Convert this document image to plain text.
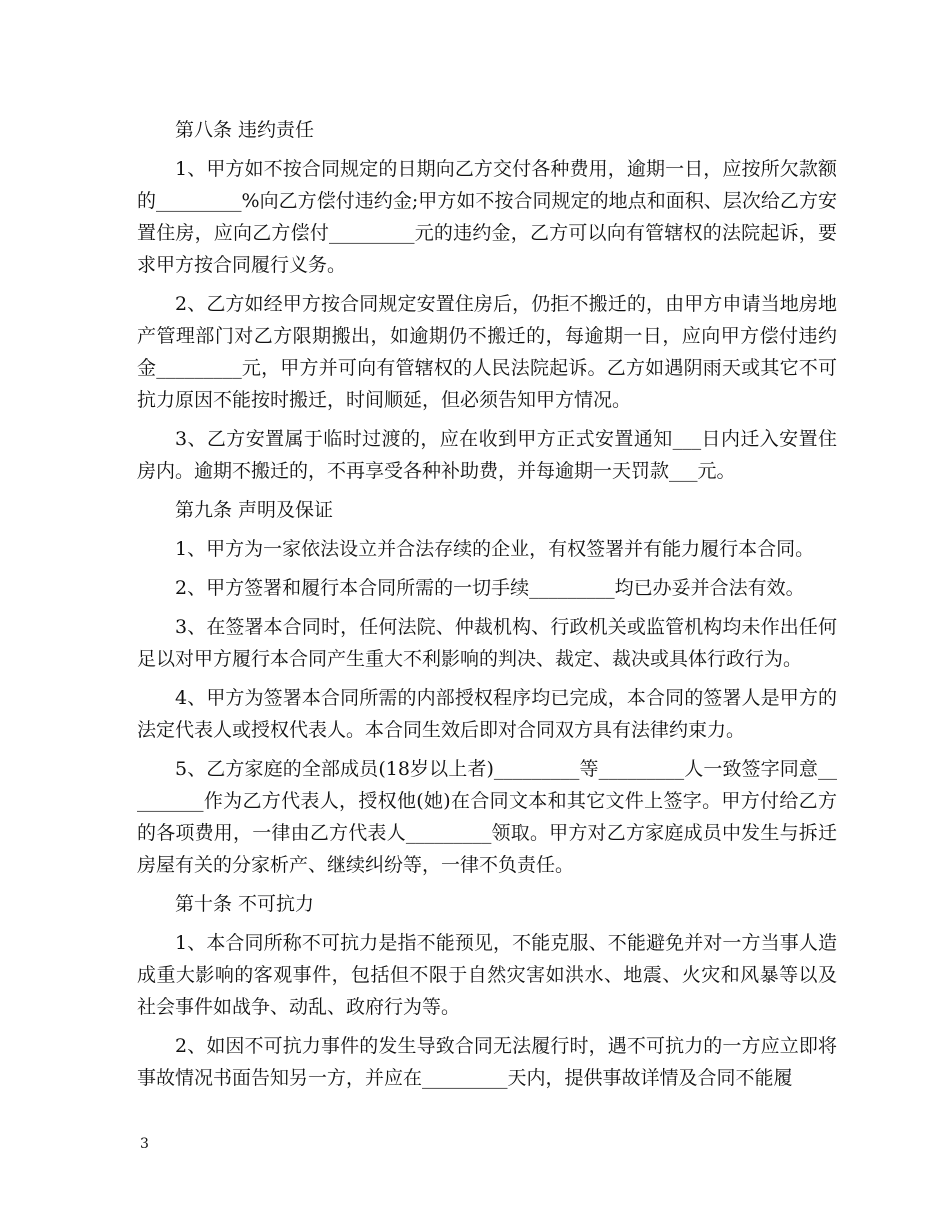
第八条 违约责任

1、甲方如不按合同规定的日期向乙方交付各种费用，逾期一日，应按所欠款额的_________%向乙方偿付违约金;甲方如不按合同规定的地点和面积、层次给乙方安置住房，应向乙方偿付_________元的违约金，乙方可以向有管辖权的法院起诉，要求甲方按合同履行义务。

2、乙方如经甲方按合同规定安置住房后，仍拒不搬迁的，由甲方申请当地房地产管理部门对乙方限期搬出，如逾期仍不搬迁的，每逾期一日，应向甲方偿付违约金_________元，甲方并可向有管辖权的人民法院起诉。乙方如遇阴雨天或其它不可抗力原因不能按时搬迁，时间顺延，但必须告知甲方情况。

3、乙方安置属于临时过渡的，应在收到甲方正式安置通知___日内迁入安置住房内。逾期不搬迁的，不再享受各种补助费，并每逾期一天罚款___元。

第九条 声明及保证

1、甲方为一家依法设立并合法存续的企业，有权签署并有能力履行本合同。

2、甲方签署和履行本合同所需的一切手续_________均已办妥并合法有效。

3、在签署本合同时，任何法院、仲裁机构、行政机关或监管机构均未作出任何足以对甲方履行本合同产生重大不利影响的判决、裁定、裁决或具体行政行为。

4、甲方为签署本合同所需的内部授权程序均已完成，本合同的签署人是甲方的法定代表人或授权代表人。本合同生效后即对合同双方具有法律约束力。

5、乙方家庭的全部成员(18岁以上者)_________等_________人一致签字同意_________作为乙方代表人，授权他(她)在合同文本和其它文件上签字。甲方付给乙方的各项费用，一律由乙方代表人_________领取。甲方对乙方家庭成员中发生与拆迁房屋有关的分家析产、继续纠纷等，一律不负责任。

第十条 不可抗力

1、本合同所称不可抗力是指不能预见，不能克服、不能避免并对一方当事人造成重大影响的客观事件，包括但不限于自然灾害如洪水、地震、火灾和风暴等以及社会事件如战争、动乱、政府行为等。

2、如因不可抗力事件的发生导致合同无法履行时，遇不可抗力的一方应立即将事故情况书面告知另一方，并应在_________天内，提供事故详情及合同不能履

3
